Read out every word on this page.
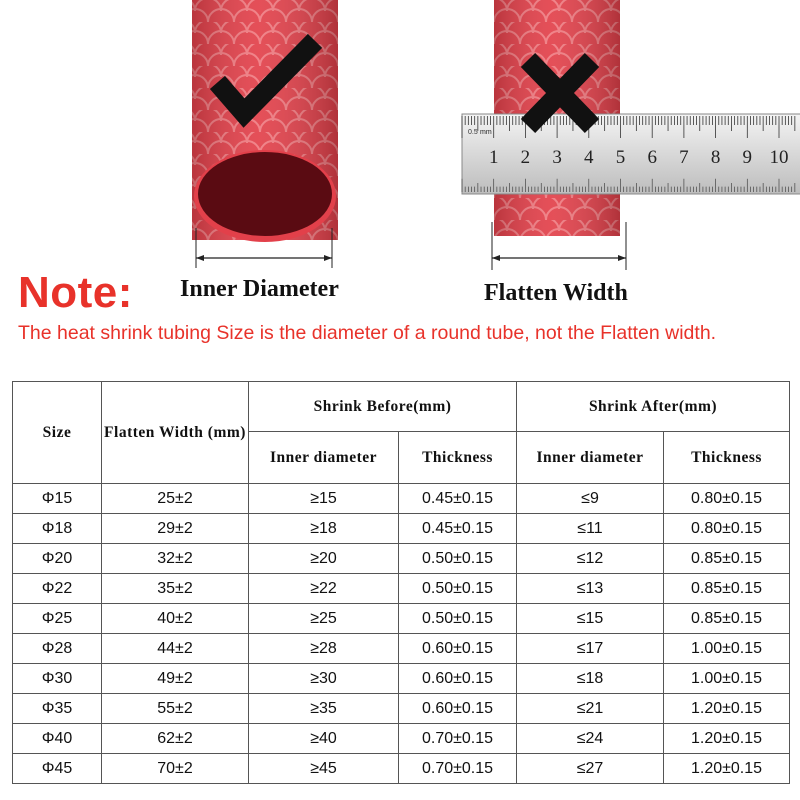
1 2 3 4 5 6 7 8 9 10
mm
0.5
Note: Inner Diameter	Flatten Width
The heat shrink tubing Size is the diameter of a round tube, not the Flatten width.
Size	Flatten Width (mm)	Shrink Before(mm)		Shrink After(mm)	
		Inner diameter	Thickness	Inner diameter	Thickness
Φ15	25±2	≥15	0.45±0.15	≤9	0.80±0.15
Φ18	29±2	≥18	0.45±0.15	≤11	0.80±0.15
Φ20	32±2	≥20	0.50±0.15	≤12	0.85±0.15
Φ22	35±2	≥22	0.50±0.15	≤13	0.85±0.15
Φ25	40±2	≥25	0.50±0.15	≤15	0.85±0.15
Φ28	44±2	≥28	0.60±0.15	≤17	1.00±0.15
Φ30	49±2	≥30	0.60±0.15	≤18	1.00±0.15
Φ35	55±2	≥35	0.60±0.15	≤21	1.20±0.15
Φ40	62±2	≥40	0.70±0.15	≤24	1.20±0.15
Φ45	70±2	≥45	0.70±0.15	≤27	1.20±0.15
